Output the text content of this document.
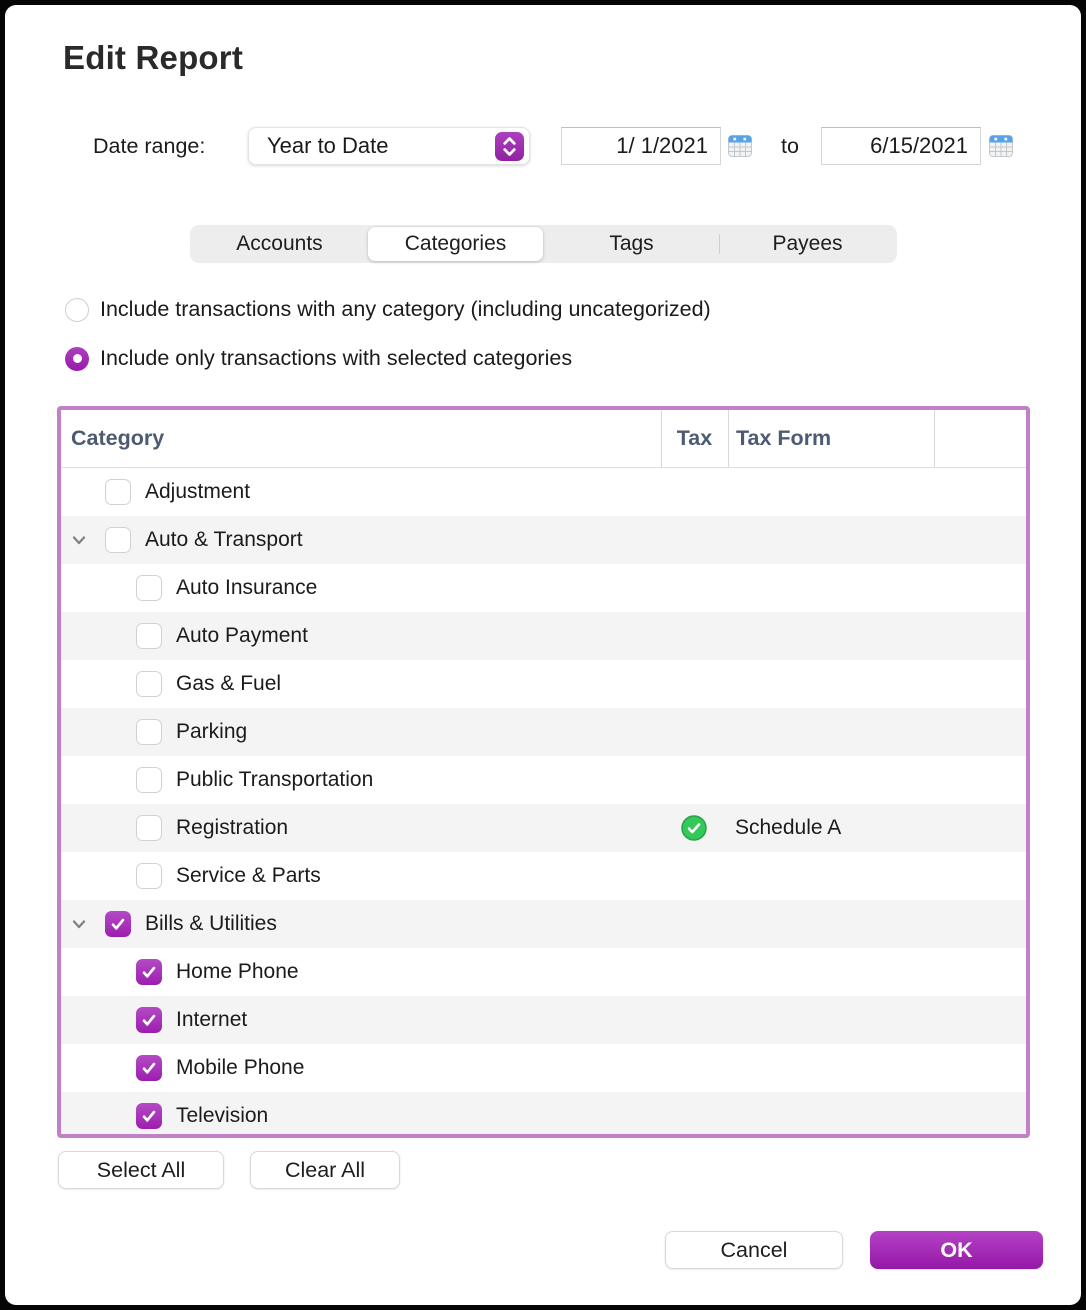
Edit Report
Date range:	Year to Date	1/ 1/2021	to	6/15/2021
Accounts	Categories	Tags	Payees
Include transactions with any category (including uncategorized)
Include only transactions with selected categories
Category	Tax	Tax Form
Adjustment
Auto & Transport
Auto Insurance
Auto Payment
Gas & Fuel
Parking
Public Transportation
Registration	Schedule A
Service & Parts
Bills & Utilities
Home Phone
Internet
Mobile Phone
Television
Select All	Clear All
Cancel	OK
